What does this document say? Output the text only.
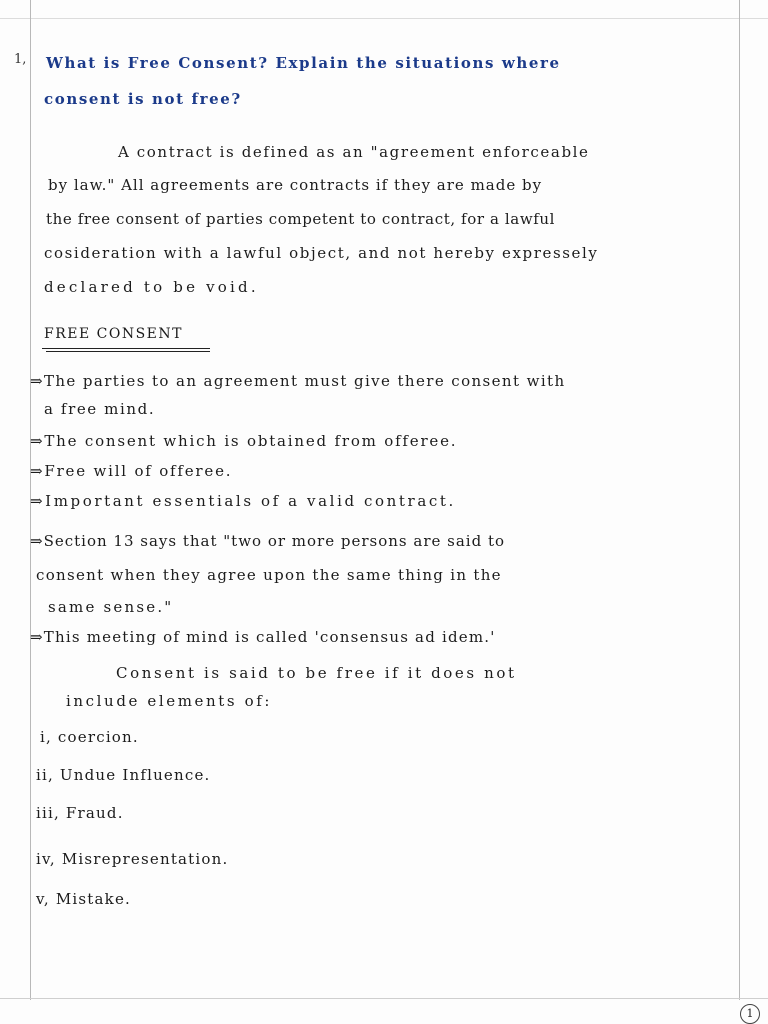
1, What is Free Consent? Explain the situations where
consent is not free?
A contract is defined as an "agreement enforceable
by law." All agreements are contracts if they are made by
the free consent of parties competent to contract, for a lawful
cosideration with a lawful object, and not hereby expressely
declared to be void.
FREE CONSENT
⇒The parties to an agreement must give there consent with
a free mind.
⇒The consent which is obtained from offeree.
⇒Free will of offeree.
⇒Important essentials of a valid contract.
⇒Section 13 says that "two or more persons are said to
consent when they agree upon the same thing in the
same sense."
⇒This meeting of mind is called 'consensus ad idem.'
Consent is said to be free if it does not
include elements of:
i, coercion.
ii, Undue Influence.
iii, Fraud.
iv, Misrepresentation.
v, Mistake.
1
